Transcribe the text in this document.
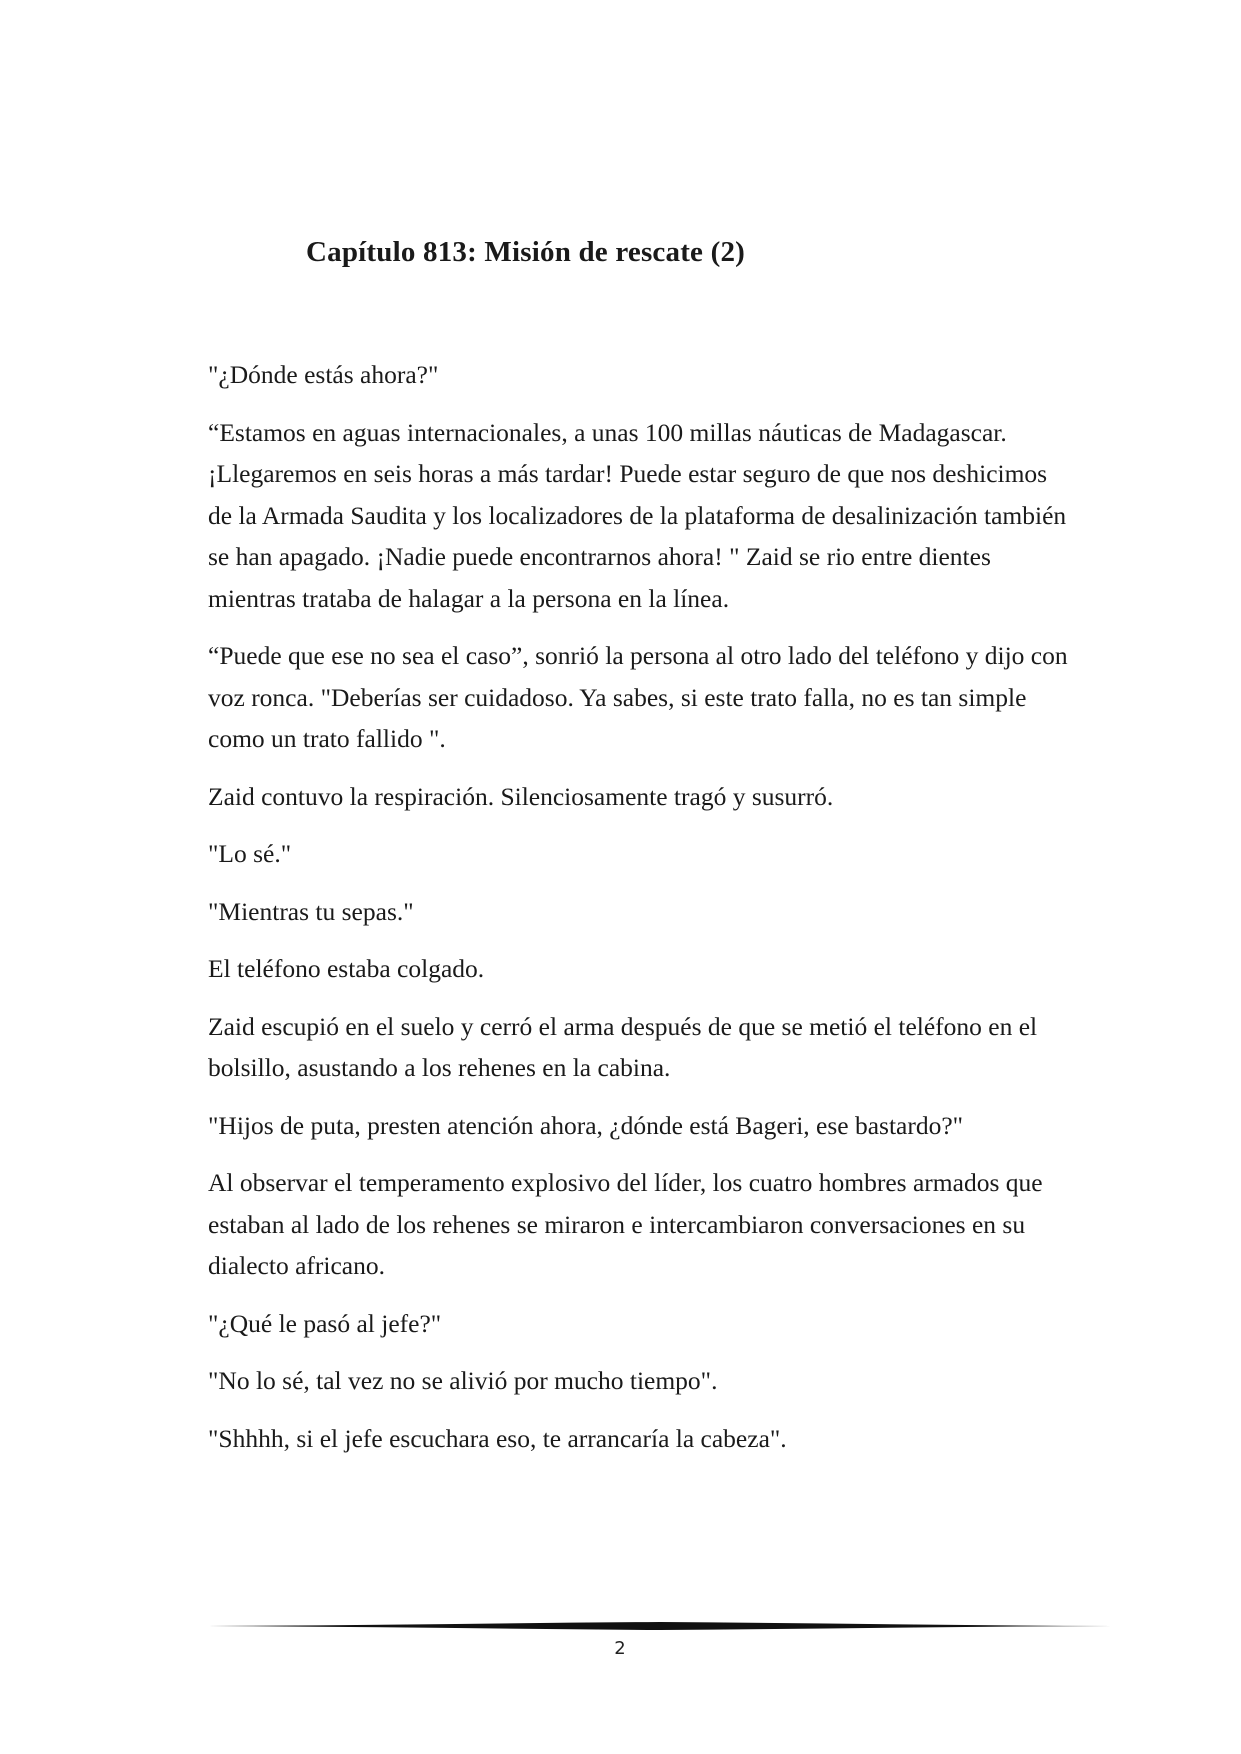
Capítulo 813: Misión de rescate (2)

"¿Dónde estás ahora?"

“Estamos en aguas internacionales, a unas 100 millas náuticas de Madagascar. ¡Llegaremos en seis horas a más tardar! Puede estar seguro de que nos deshicimos de la Armada Saudita y los localizadores de la plataforma de desalinización también se han apagado. ¡Nadie puede encontrarnos ahora! " Zaid se rio entre dientes mientras trataba de halagar a la persona en la línea.

“Puede que ese no sea el caso”, sonrió la persona al otro lado del teléfono y dijo con voz ronca. "Deberías ser cuidadoso. Ya sabes, si este trato falla, no es tan simple como un trato fallido ".

Zaid contuvo la respiración. Silenciosamente tragó y susurró.

"Lo sé."

"Mientras tu sepas."

El teléfono estaba colgado.

Zaid escupió en el suelo y cerró el arma después de que se metió el teléfono en el bolsillo, asustando a los rehenes en la cabina.

"Hijos de puta, presten atención ahora, ¿dónde está Bageri, ese bastardo?"

Al observar el temperamento explosivo del líder, los cuatro hombres armados que estaban al lado de los rehenes se miraron e intercambiaron conversaciones en su dialecto africano.

"¿Qué le pasó al jefe?"

"No lo sé, tal vez no se alivió por mucho tiempo".

"Shhhh, si el jefe escuchara eso, te arrancaría la cabeza".

2
